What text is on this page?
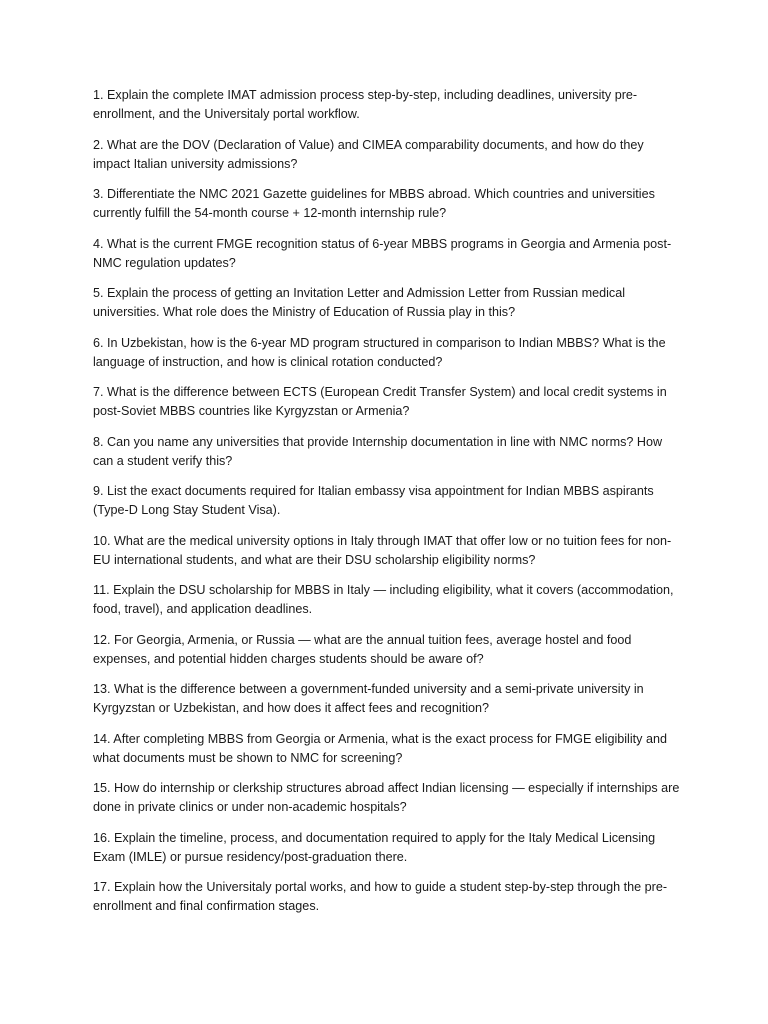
1. Explain the complete IMAT admission process step-by-step, including deadlines, university pre-enrollment, and the Universitaly portal workflow.
2. What are the DOV (Declaration of Value) and CIMEA comparability documents, and how do they impact Italian university admissions?
3. Differentiate the NMC 2021 Gazette guidelines for MBBS abroad. Which countries and universities currently fulfill the 54-month course + 12-month internship rule?
4. What is the current FMGE recognition status of 6-year MBBS programs in Georgia and Armenia post-NMC regulation updates?
5. Explain the process of getting an Invitation Letter and Admission Letter from Russian medical universities. What role does the Ministry of Education of Russia play in this?
6. In Uzbekistan, how is the 6-year MD program structured in comparison to Indian MBBS? What is the language of instruction, and how is clinical rotation conducted?
7. What is the difference between ECTS (European Credit Transfer System) and local credit systems in post-Soviet MBBS countries like Kyrgyzstan or Armenia?
8. Can you name any universities that provide Internship documentation in line with NMC norms? How can a student verify this?
9. List the exact documents required for Italian embassy visa appointment for Indian MBBS aspirants (Type-D Long Stay Student Visa).
10. What are the medical university options in Italy through IMAT that offer low or no tuition fees for non-EU international students, and what are their DSU scholarship eligibility norms?
11. Explain the DSU scholarship for MBBS in Italy — including eligibility, what it covers (accommodation, food, travel), and application deadlines.
12. For Georgia, Armenia, or Russia — what are the annual tuition fees, average hostel and food expenses, and potential hidden charges students should be aware of?
13. What is the difference between a government-funded university and a semi-private university in Kyrgyzstan or Uzbekistan, and how does it affect fees and recognition?
14. After completing MBBS from Georgia or Armenia, what is the exact process for FMGE eligibility and what documents must be shown to NMC for screening?
15. How do internship or clerkship structures abroad affect Indian licensing — especially if internships are done in private clinics or under non-academic hospitals?
16. Explain the timeline, process, and documentation required to apply for the Italy Medical Licensing Exam (IMLE) or pursue residency/post-graduation there.
17. Explain how the Universitaly portal works, and how to guide a student step-by-step through the pre-enrollment and final confirmation stages.
